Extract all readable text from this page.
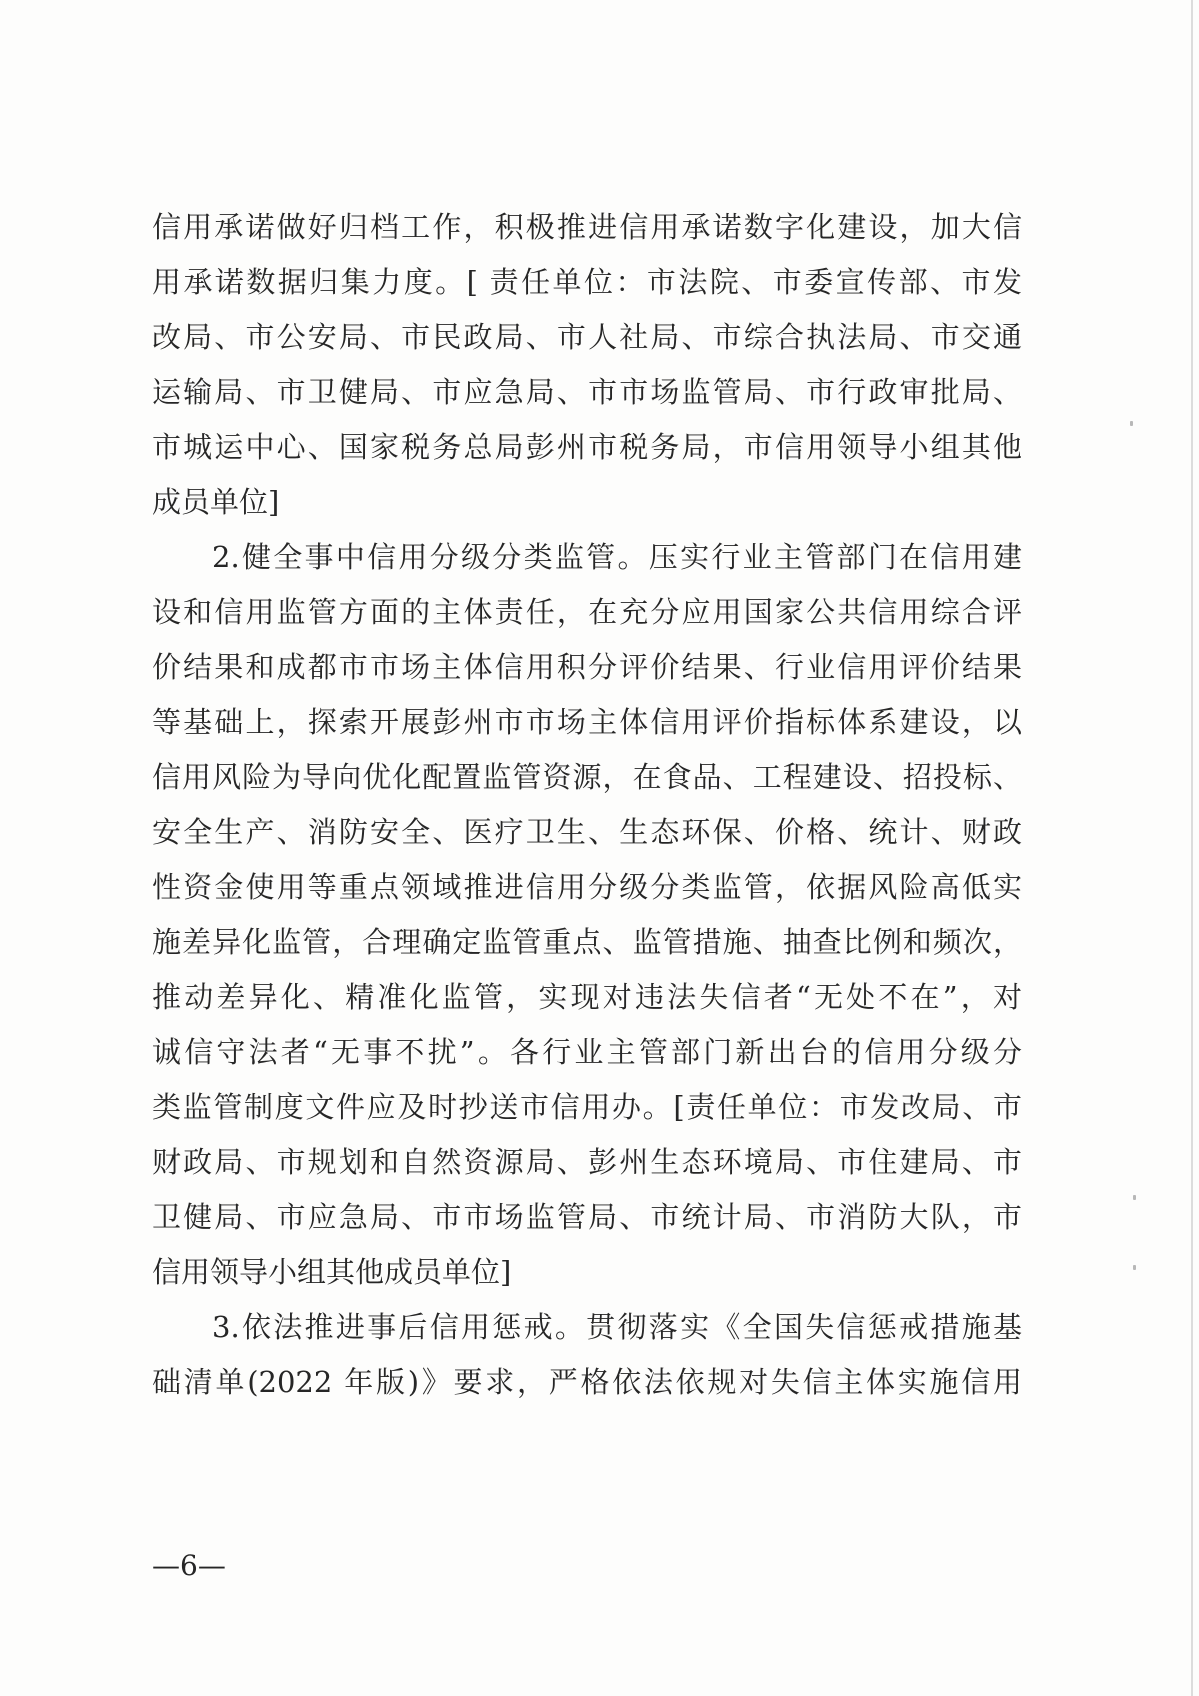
信用承诺做好归档工作，积极推进信用承诺数字化建设，加大信
用承诺数据归集力度。[ 责任单位：市法院、市委宣传部、市发
改局、市公安局、市民政局、市人社局、市综合执法局、市交通
运输局、市卫健局、市应急局、市市场监管局、市行政审批局、
市城运中心、国家税务总局彭州市税务局，市信用领导小组其他
成员单位]
2.健全事中信用分级分类监管。压实行业主管部门在信用建
设和信用监管方面的主体责任，在充分应用国家公共信用综合评
价结果和成都市市场主体信用积分评价结果、行业信用评价结果
等基础上，探索开展彭州市市场主体信用评价指标体系建设，以
信用风险为导向优化配置监管资源，在食品、工程建设、招投标、
安全生产、消防安全、医疗卫生、生态环保、价格、统计、财政
性资金使用等重点领域推进信用分级分类监管，依据风险高低实
施差异化监管，合理确定监管重点、监管措施、抽查比例和频次，
推动差异化、精准化监管，实现对违法失信者“无处不在”，对
诚信守法者“无事不扰”。各行业主管部门新出台的信用分级分
类监管制度文件应及时抄送市信用办。[责任单位：市发改局、市
财政局、市规划和自然资源局、彭州生态环境局、市住建局、市
卫健局、市应急局、市市场监管局、市统计局、市消防大队，市
信用领导小组其他成员单位]
3.依法推进事后信用惩戒。贯彻落实《全国失信惩戒措施基
础清单(2022 年版)》要求，严格依法依规对失信主体实施信用
—6—
